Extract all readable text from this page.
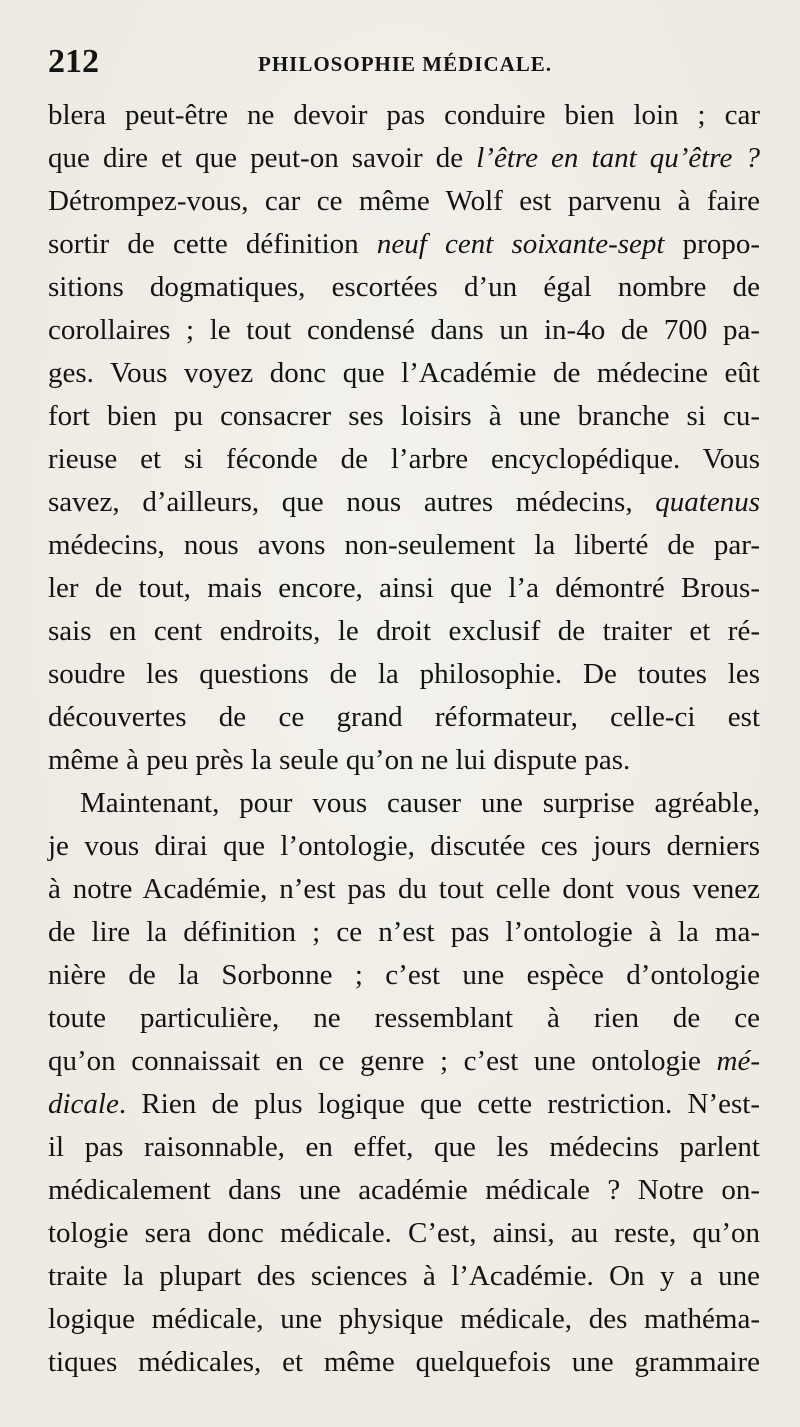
212	PHILOSOPHIE MÉDICALE.
blera peut-être ne devoir pas conduire bien loin ; car
que dire et que peut-on savoir de l’être en tant qu’être ?
Détrompez-vous, car ce même Wolf est parvenu à faire
sortir de cette définition neuf cent soixante-sept propo-
sitions dogmatiques, escortées d’un égal nombre de
corollaires ; le tout condensé dans un in-4o de 700 pa-
ges. Vous voyez donc que l’Académie de médecine eût
fort bien pu consacrer ses loisirs à une branche si cu-
rieuse et si féconde de l’arbre encyclopédique. Vous
savez, d’ailleurs, que nous autres médecins, quatenus
médecins, nous avons non-seulement la liberté de par-
ler de tout, mais encore, ainsi que l’a démontré Brous-
sais en cent endroits, le droit exclusif de traiter et ré-
soudre les questions de la philosophie. De toutes les
découvertes de ce grand réformateur, celle-ci est
même à peu près la seule qu’on ne lui dispute pas.
Maintenant, pour vous causer une surprise agréable,
je vous dirai que l’ontologie, discutée ces jours derniers
à notre Académie, n’est pas du tout celle dont vous venez
de lire la définition ; ce n’est pas l’ontologie à la ma-
nière de la Sorbonne ; c’est une espèce d’ontologie
toute particulière, ne ressemblant à rien de ce
qu’on connaissait en ce genre ; c’est une ontologie mé-
dicale. Rien de plus logique que cette restriction. N’est-
il pas raisonnable, en effet, que les médecins parlent
médicalement dans une académie médicale ? Notre on-
tologie sera donc médicale. C’est, ainsi, au reste, qu’on
traite la plupart des sciences à l’Académie. On y a une
logique médicale, une physique médicale, des mathéma-
tiques médicales, et même quelquefois une grammaire
